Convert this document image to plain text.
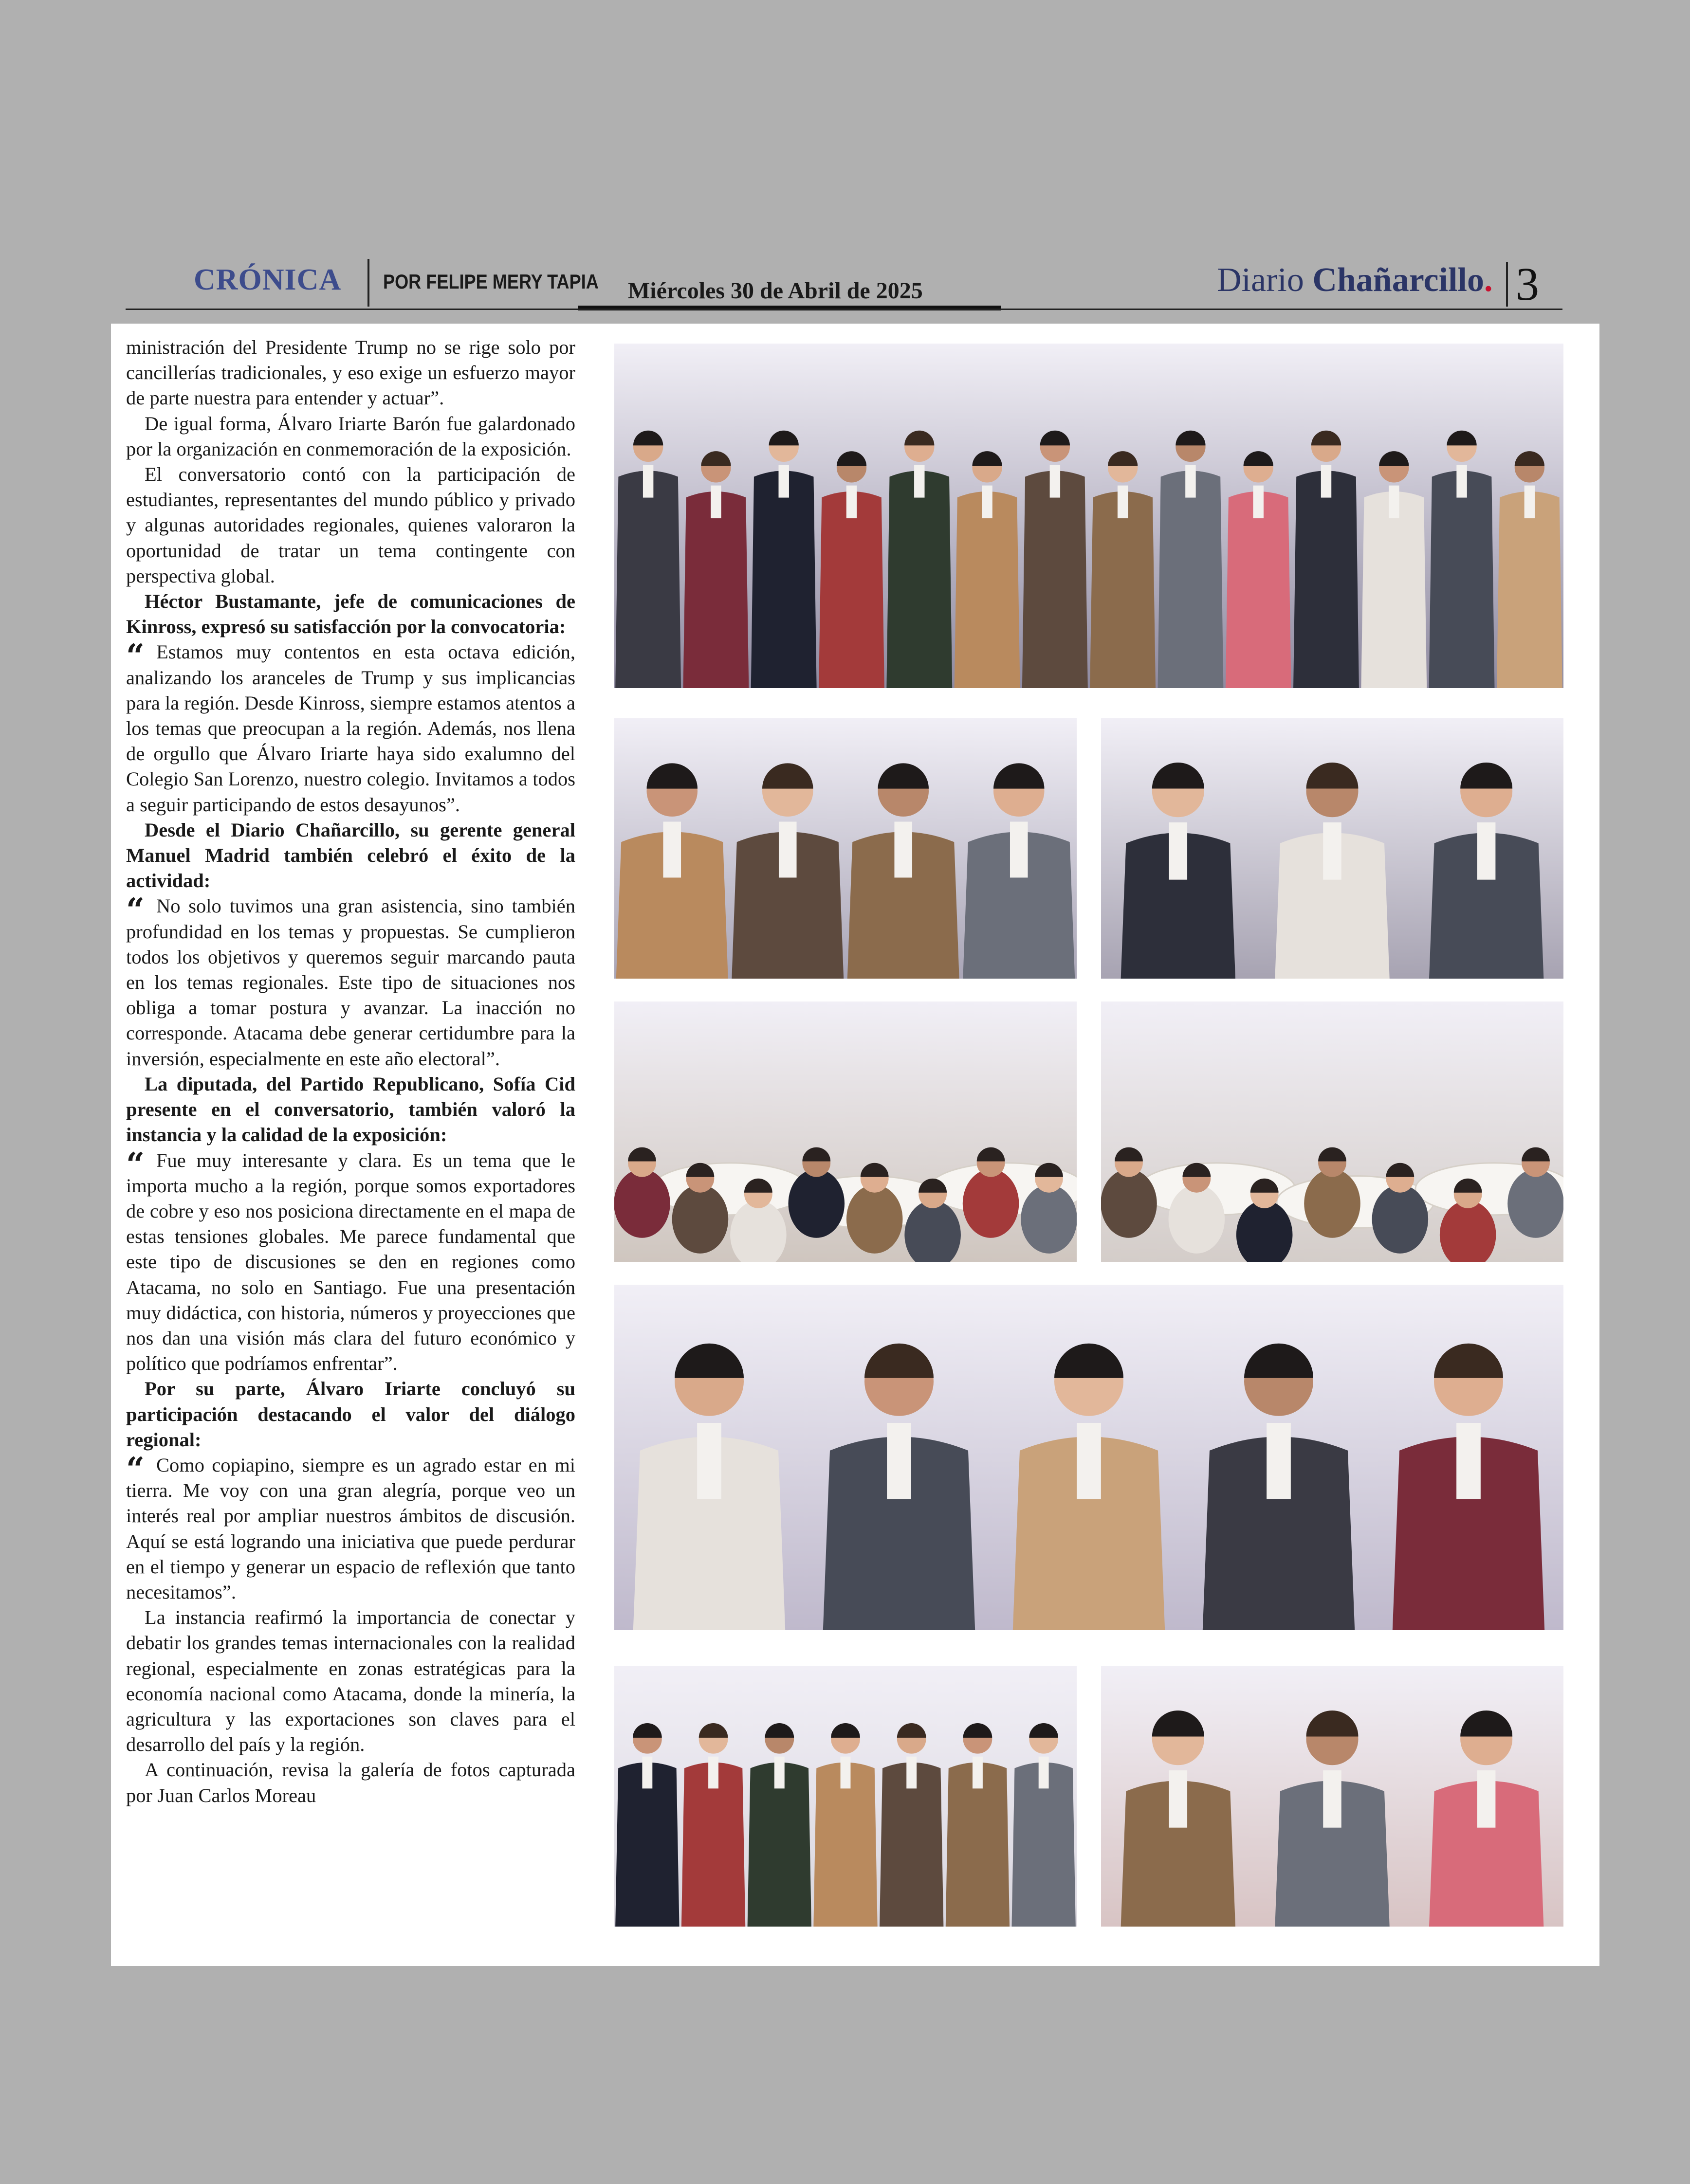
CRÓNICA POR FELIPE MERY TAPIA Miércoles 30 de Abril de 2025	Diario Chañarcillo. 3

ministración del Presidente Trump no se rige solo por cancillerías tradicionales, y eso exige un esfuerzo mayor de parte nuestra para entender y actuar”.

De igual forma, Álvaro Iriarte Barón fue galardonado por la organización en conmemoración de la exposición.

El conversatorio contó con la participación de estudiantes, representantes del mundo público y privado y algunas autoridades regionales, quienes valoraron la oportunidad de tratar un tema contingente con perspectiva global.

Héctor Bustamante, jefe de comunicaciones de Kinross, expresó su satisfacción por la convocatoria:

“ Estamos muy contentos en esta octava edición, analizando los aranceles de Trump y sus implicancias para la región. Desde Kinross, siempre estamos atentos a los temas que preocupan a la región. Además, nos llena de orgullo que Álvaro Iriarte haya sido exalumno del Colegio San Lorenzo, nuestro colegio. Invitamos a todos a seguir participando de estos desayunos”.

Desde el Diario Chañarcillo, su gerente general Manuel Madrid también celebró el éxito de la actividad:

“ No solo tuvimos una gran asistencia, sino también profundidad en los temas y propuestas. Se cumplieron todos los objetivos y queremos seguir marcando pauta en los temas regionales. Este tipo de situaciones nos obliga a tomar postura y avanzar. La inacción no corresponde. Atacama debe generar certidumbre para la inversión, especialmente en este año electoral”.

La diputada, del Partido Republicano, Sofía Cid presente en el conversatorio, también valoró la instancia y la calidad de la exposición:

“ Fue muy interesante y clara. Es un tema que le importa mucho a la región, porque somos exportadores de cobre y eso nos posiciona directamente en el mapa de estas tensiones globales. Me parece fundamental que este tipo de discusiones se den en regiones como Atacama, no solo en Santiago. Fue una presentación muy didáctica, con historia, números y proyecciones que nos dan una visión más clara del futuro económico y político que podríamos enfrentar”.

Por su parte, Álvaro Iriarte concluyó su participación destacando el valor del diálogo regional:

“ Como copiapino, siempre es un agrado estar en mi tierra. Me voy con una gran alegría, porque veo un interés real por ampliar nuestros ámbitos de discusión. Aquí se está logrando una iniciativa que puede perdurar en el tiempo y generar un espacio de reflexión que tanto necesitamos”.

La instancia reafirmó la importancia de conectar y debatir los grandes temas internacionales con la realidad regional, especialmente en zonas estratégicas para la economía nacional como Atacama, donde la minería, la agricultura y las exportaciones son claves para el desarrollo del país y la región.

A continuación, revisa la galería de fotos capturada por Juan Carlos Moreau
